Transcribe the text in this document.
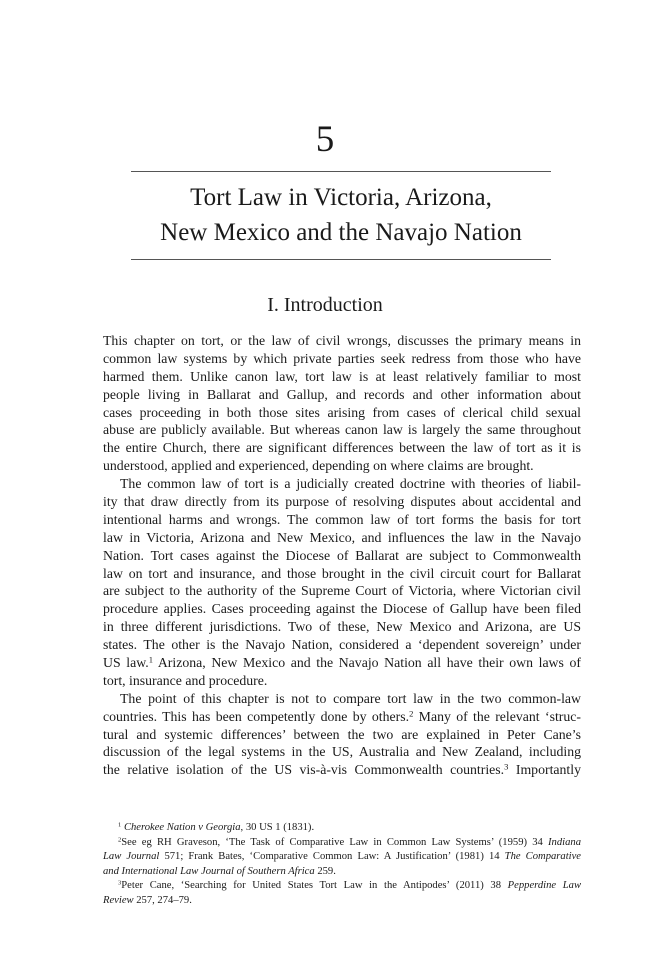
5
Tort Law in Victoria, Arizona,
New Mexico and the Navajo Nation
I. Introduction
This chapter on tort, or the law of civil wrongs, discusses the primary means in
common law systems by which private parties seek redress from those who have
harmed them. Unlike canon law, tort law is at least relatively familiar to most
people living in Ballarat and Gallup, and records and other information about
cases proceeding in both those sites arising from cases of clerical child sexual
abuse are publicly available. But whereas canon law is largely the same throughout
the entire Church, there are significant differences between the law of tort as it is
understood, applied and experienced, depending on where claims are brought.
The common law of tort is a judicially created doctrine with theories of liabil-
ity that draw directly from its purpose of resolving disputes about accidental and
intentional harms and wrongs. The common law of tort forms the basis for tort
law in Victoria, Arizona and New Mexico, and influences the law in the Navajo
Nation. Tort cases against the Diocese of Ballarat are subject to Commonwealth
law on tort and insurance, and those brought in the civil circuit court for Ballarat
are subject to the authority of the Supreme Court of Victoria, where Victorian civil
procedure applies. Cases proceeding against the Diocese of Gallup have been filed
in three different jurisdictions. Two of these, New Mexico and Arizona, are US
states. The other is the Navajo Nation, considered a ‘dependent sovereign’ under
US law.$^1$ Arizona, New Mexico and the Navajo Nation all have their own laws of
tort, insurance and procedure.
The point of this chapter is not to compare tort law in the two common-law
countries. This has been competently done by others.$^2$ Many of the relevant ‘struc-
tural and systemic differences’ between the two are explained in Peter Cane’s
discussion of the legal systems in the US, Australia and New Zealand, including
the relative isolation of the US vis-à-vis Commonwealth countries.$^3$ Importantly
$^1$ Cherokee Nation v Georgia, 30 US 1 (1831).
$^2$See eg RH Graveson, ‘The Task of Comparative Law in Common Law Systems’ (1959) 34 Indiana
Law Journal 571; Frank Bates, ‘Comparative Common Law: A Justification’ (1981) 14 The Comparative
and International Law Journal of Southern Africa 259.
$^3$Peter Cane, ‘Searching for United States Tort Law in the Antipodes’ (2011) 38 Pepperdine Law
Review 257, 274–79.
